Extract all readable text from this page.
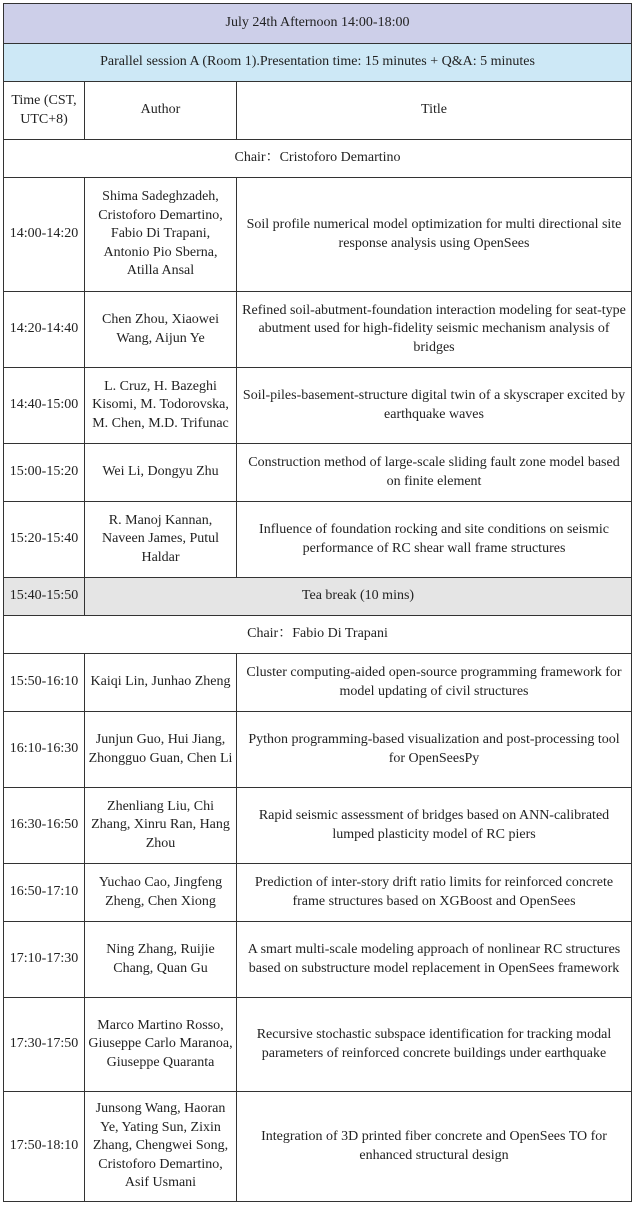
July 24th Afternoon 14:00-18:00		
Parallel session A (Room 1).Presentation time: 15 minutes + Q&A: 5 minutes		
Time (CST, UTC+8)	Author	Title
Chair：Cristoforo Demartino		
14:00-14:20	Shima Sadeghzadeh, Cristoforo Demartino, Fabio Di Trapani, Antonio Pio Sberna, Atilla Ansal	Soil profile numerical model optimization for multi directional site response analysis using OpenSees
14:20-14:40	Chen Zhou, Xiaowei Wang, Aijun Ye	Refined soil-abutment-foundation interaction modeling for seat-type abutment used for high-fidelity seismic mechanism analysis of bridges
14:40-15:00	L. Cruz, H. Bazeghi Kisomi, M. Todorovska, M. Chen, M.D. Trifunac	Soil-piles-basement-structure digital twin of a skyscraper excited by earthquake waves
15:00-15:20	Wei Li, Dongyu Zhu	Construction method of large-scale sliding fault zone model based on finite element
15:20-15:40	R. Manoj Kannan, Naveen James, Putul Haldar	Influence of foundation rocking and site conditions on seismic performance of RC shear wall frame structures
15:40-15:50	Tea break (10 mins)	
Chair：Fabio Di Trapani		
15:50-16:10	Kaiqi Lin, Junhao Zheng	Cluster computing-aided open-source programming framework for model updating of civil structures
16:10-16:30	Junjun Guo, Hui Jiang, Zhongguo Guan, Chen Li	Python programming-based visualization and post-processing tool for OpenSeesPy
16:30-16:50	Zhenliang Liu, Chi Zhang, Xinru Ran, Hang Zhou	Rapid seismic assessment of bridges based on ANN-calibrated lumped plasticity model of RC piers
16:50-17:10	Yuchao Cao, Jingfeng Zheng, Chen Xiong	Prediction of inter-story drift ratio limits for reinforced concrete frame structures based on XGBoost and OpenSees
17:10-17:30	Ning Zhang, Ruijie Chang, Quan Gu	A smart multi-scale modeling approach of nonlinear RC structures based on substructure model replacement in OpenSees framework
17:30-17:50	Marco Martino Rosso, Giuseppe Carlo Maranoa, Giuseppe Quaranta	Recursive stochastic subspace identification for tracking modal parameters of reinforced concrete buildings under earthquake
17:50-18:10	Junsong Wang, Haoran Ye, Yating Sun, Zixin Zhang, Chengwei Song, Cristoforo Demartino, Asif Usmani	Integration of 3D printed fiber concrete and OpenSees TO for enhanced structural design
